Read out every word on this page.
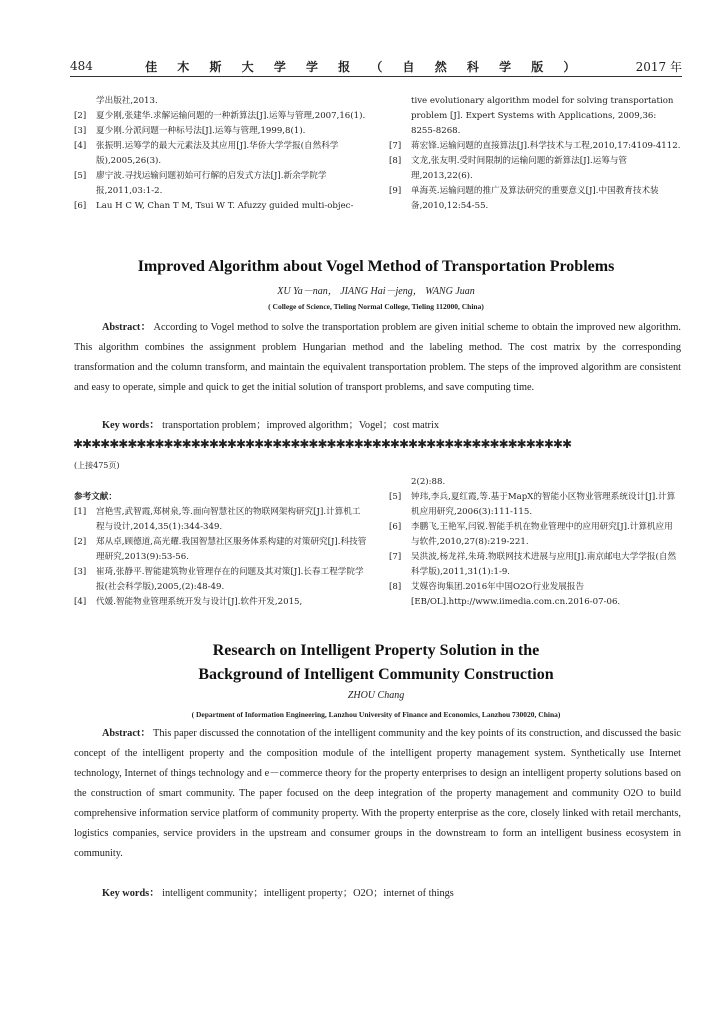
484	佳 木 斯 大 学 学 报 （ 自 然 科 学 版 ）	2017 年
学出版社,2013.
[2]	夏少刚,张建华.求解运输问题的一种新算法[J].运筹与管理,2007,16(1).
[3]	夏少刚.分派问题一种标号法[J].运筹与管理,1999,8(1).
[4]	张振明.运筹学的最大元素法及其应用[J].华侨大学学报(自然科学版),2005,26(3).
[5]	廖宁波.寻找运输问题初始可行解的启发式方法[J].新余学院学报,2011,03:1-2.
[6]	Lau H C W, Chan T M, Tsui W T. Afuzzy guided multi-objec-
tive evolutionary algorithm model for solving transportation problem [J]. Expert Systems with Applications, 2009,36: 8255-8268.
[7]	蒋宏锋.运输问题的直接算法[J].科学技术与工程,2010,17:4109-4112.
[8]	文龙,张友明.受时间限制的运输问题的新算法[J].运筹与管理,2013,22(6).
[9]	单海英.运输问题的推广及算法研究的重要意义[J].中国教育技术装备,2010,12:54-55.
Improved Algorithm about Vogel Method of Transportation Problems
XU Ya－nan， JIANG Hai－jeng， WANG Juan
( College of Science, Tieling Normal College, Tieling 112000, China)
Abstract： According to Vogel method to solve the transportation problem are given initial scheme to obtain the improved new algorithm. This algorithm combines the assignment problem Hungarian method and the labeling method. The cost matrix by the corresponding transformation and the column transform, and maintain the equivalent transportation problem. The steps of the improved algorithm are consistent and easy to operate, simple and quick to get the initial solution of transport problems, and save computing time.
Key words： transportation problem；improved algorithm；Vogel；cost matrix
✱✱✱✱✱✱✱✱✱✱✱✱✱✱✱✱✱✱✱✱✱✱✱✱✱✱✱✱✱✱✱✱✱✱✱✱✱✱✱✱✱✱✱✱✱✱✱✱✱✱✱✱✱✱✱
(上接475页)
参考文献：
[1]	宫艳雪,武智霞,郑树泉,等.面向智慧社区的物联网架构研究[J].计算机工程与设计,2014,35(1):344-349.
[2]	郑从卓,顾德道,高光耀.我国智慧社区服务体系构建的对策研究[J].科技管理研究,2013(9):53-56.
[3]	崔琦,张静平.智能建筑物业管理存在的问题及其对策[J].长春工程学院学报(社会科学版),2005,(2):48-49.
[4]	代媛.智能物业管理系统开发与设计[J].软件开发,2015,
2(2):88.
[5]	钟玮,李兵,夏红霞,等.基于MapX的智能小区物业管理系统设计[J].计算机应用研究,2006(3):111-115.
[6]	李鹏飞,王艳军,闫锐.智能手机在物业管理中的应用研究[J].计算机应用与软件,2010,27(8):219-221.
[7]	吴洪波,杨龙祥,朱琦.物联网技术进展与应用[J].南京邮电大学学报(自然科学版),2011,31(1):1-9.
[8]	艾媒咨询集团.2016年中国O2O行业发展报告[EB/OL].http://www.iimedia.com.cn.2016-07-06.
Research on Intelligent Property Solution in the
Background of Intelligent Community Construction
ZHOU Chang
( Department of Information Engineering, Lanzhou University of Finance and Economics, Lanzhou 730020, China)
Abstract： This paper discussed the connotation of the intelligent community and the key points of its construction, and discussed the basic concept of the intelligent property and the composition module of the intelligent property management system. Synthetically use Internet technology, Internet of things technology and e－commerce theory for the property enterprises to design an intelligent property solutions based on the construction of smart community. The paper focused on the deep integration of the property management and community O2O to build comprehensive information service platform of community property. With the property enterprise as the core, closely linked with retail merchants, logistics companies, service providers in the upstream and consumer groups in the downstream to form an intelligent business ecosystem in community.
Key words： intelligent community；intelligent property；O2O；internet of things
